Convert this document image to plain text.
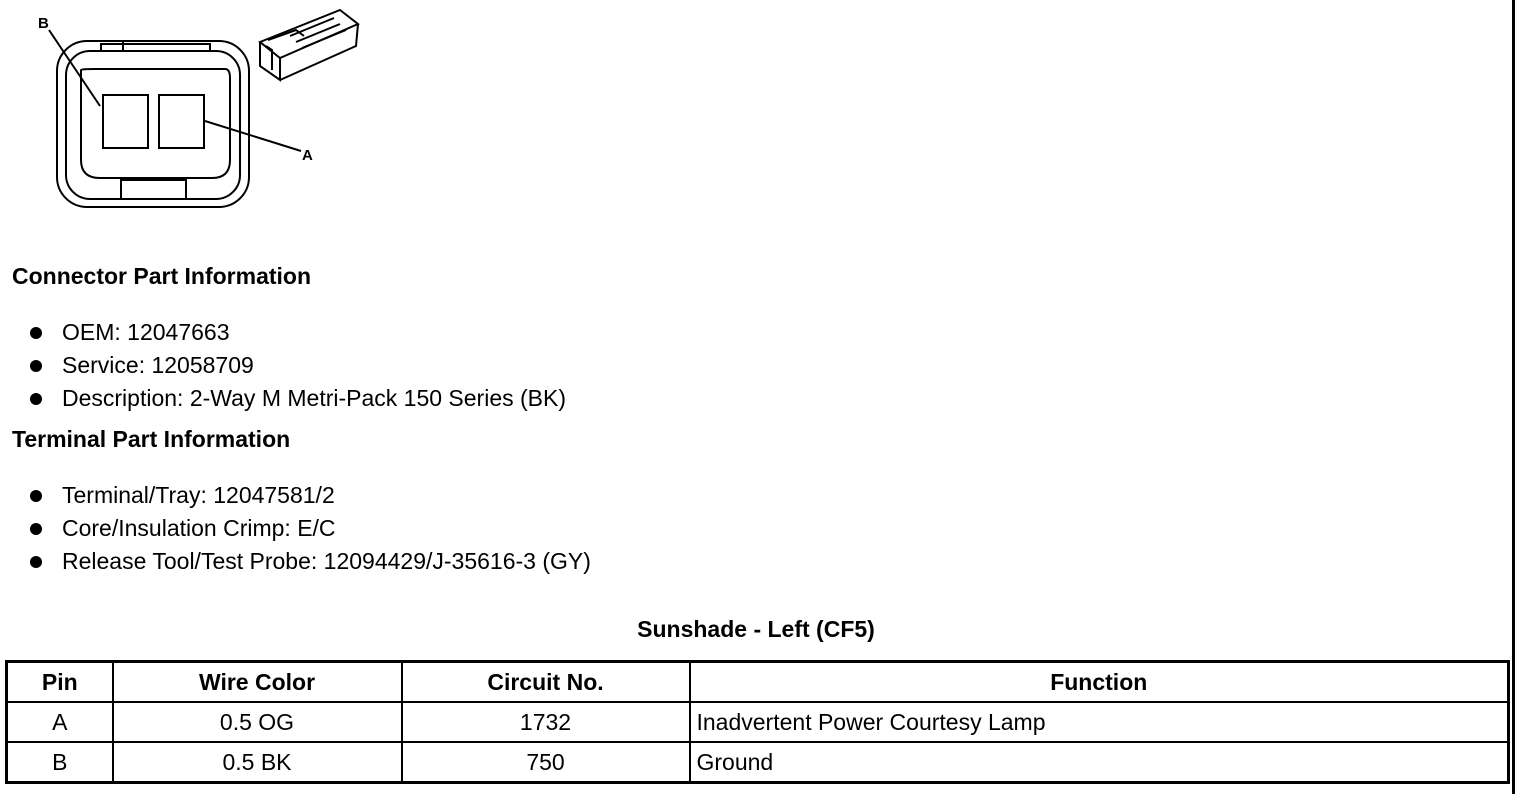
B
A
Connector Part Information
OEM: 12047663
Service: 12058709
Description: 2-Way M Metri-Pack 150 Series (BK)
Terminal Part Information
Terminal/Tray: 12047581/2
Core/Insulation Crimp: E/C
Release Tool/Test Probe: 12094429/J-35616-3 (GY)
Sunshade - Left (CF5)
Pin	Wire Color	Circuit No.	Function
A	0.5 OG	1732	Inadvertent Power Courtesy Lamp
B	0.5 BK	750	Ground
